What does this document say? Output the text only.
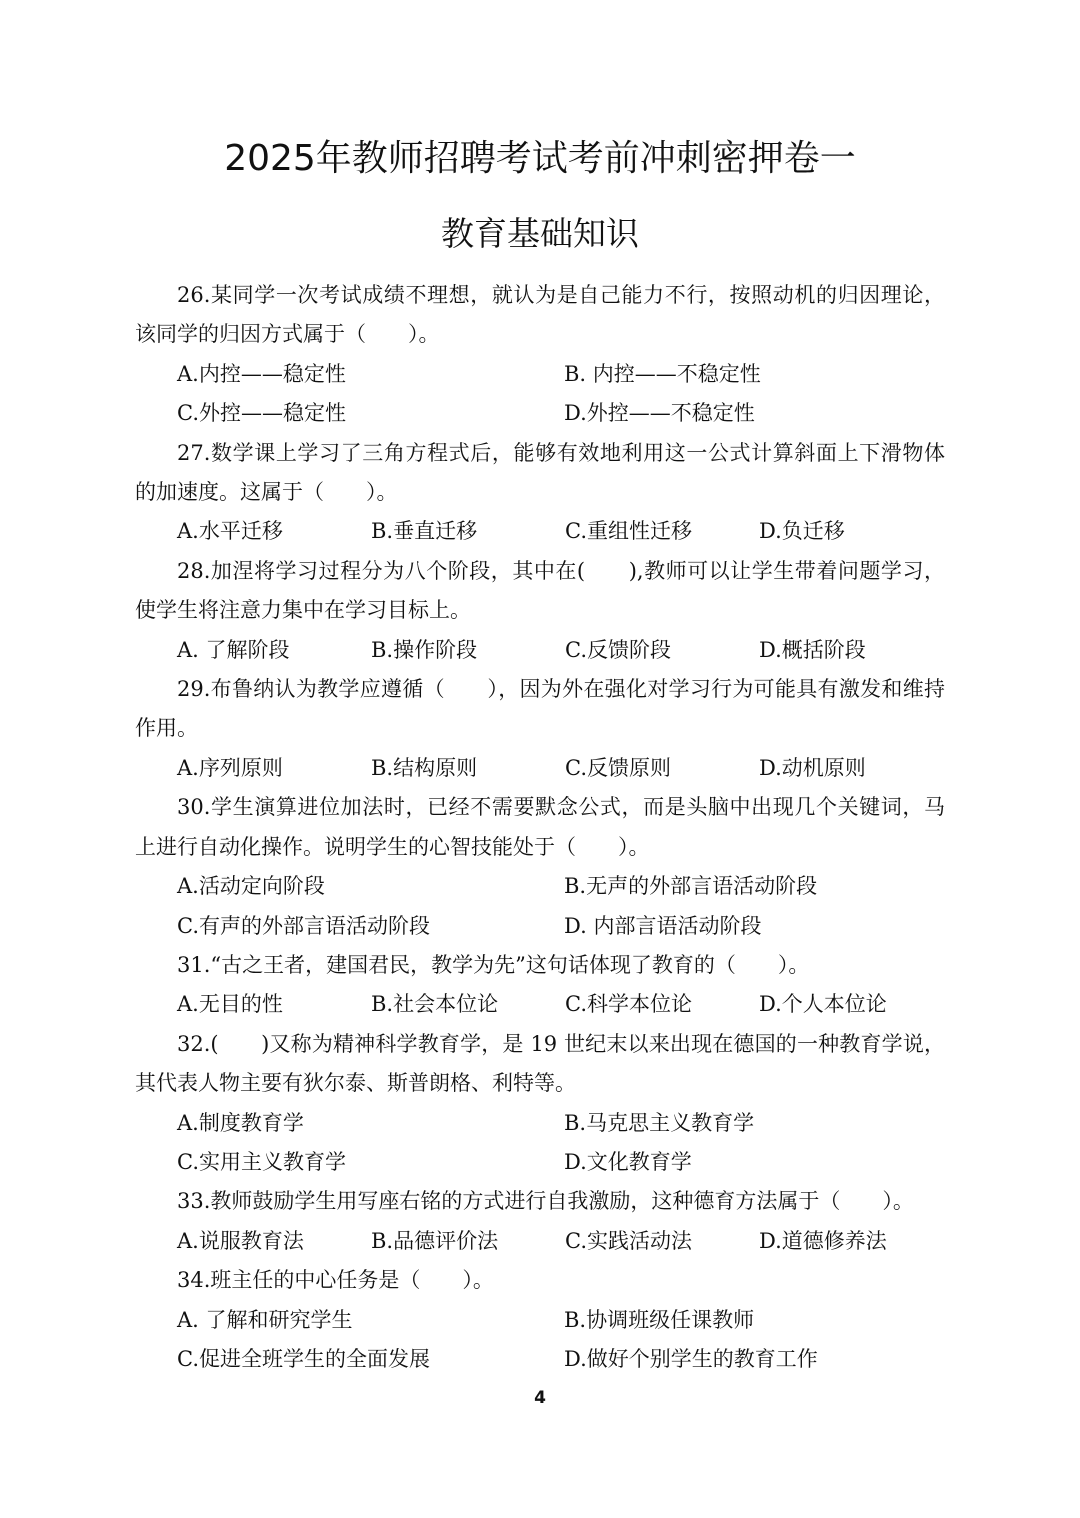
2025年教师招聘考试考前冲刺密押卷一
教育基础知识

26.某同学一次考试成绩不理想，就认为是自己能力不行，按照动机的归因理论，该同学的归因方式属于（　　）。

A.内控——稳定性	B. 内控——不稳定性
C.外控——稳定性	D.外控——不稳定性

27.数学课上学习了三角方程式后，能够有效地利用这一公式计算斜面上下滑物体的加速度。这属于（　　）。

A.水平迁移	B.垂直迁移	C.重组性迁移	D.负迁移

28.加涅将学习过程分为八个阶段，其中在(　　),教师可以让学生带着问题学习，使学生将注意力集中在学习目标上。

A. 了解阶段	B.操作阶段	C.反馈阶段	D.概括阶段

29.布鲁纳认为教学应遵循（　　），因为外在强化对学习行为可能具有激发和维持作用。

A.序列原则	B.结构原则	C.反馈原则	D.动机原则

30.学生演算进位加法时，已经不需要默念公式，而是头脑中出现几个关键词，马上进行自动化操作。说明学生的心智技能处于（　　）。

A.活动定向阶段	B.无声的外部言语活动阶段
C.有声的外部言语活动阶段	D. 内部言语活动阶段

31.“古之王者，建国君民，教学为先”这句话体现了教育的（　　）。

A.无目的性	B.社会本位论	C.科学本位论	D.个人本位论

32.(　　)又称为精神科学教育学，是 19 世纪末以来出现在德国的一种教育学说，其代表人物主要有狄尔泰、斯普朗格、利特等。

A.制度教育学	B.马克思主义教育学
C.实用主义教育学	D.文化教育学

33.教师鼓励学生用写座右铭的方式进行自我激励，这种德育方法属于（　　）。

A.说服教育法	B.品德评价法	C.实践活动法	D.道德修养法

34.班主任的中心任务是（　　）。

A. 了解和研究学生	B.协调班级任课教师
C.促进全班学生的全面发展	D.做好个别学生的教育工作
4
